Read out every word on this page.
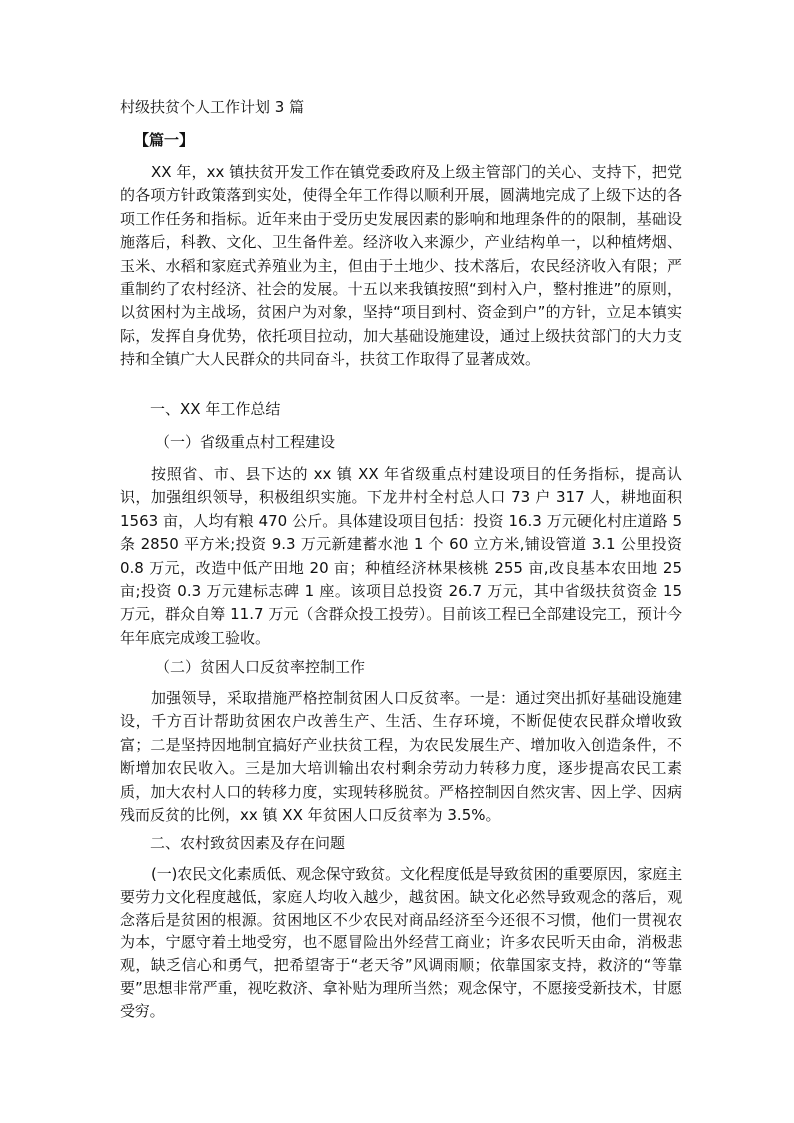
村级扶贫个人工作计划 3 篇
【篇一】

XX 年，xx 镇扶贫开发工作在镇党委政府及上级主管部门的关心、支持下，把党的各项方针政策落到实处，使得全年工作得以顺利开展，圆满地完成了上级下达的各项工作任务和指标。近年来由于受历史发展因素的影响和地理条件的的限制，基础设施落后，科教、文化、卫生备件差。经济收入来源少，产业结构单一，以种植烤烟、玉米、水稻和家庭式养殖业为主，但由于土地少、技术落后，农民经济收入有限；严重制约了农村经济、社会的发展。十五以来我镇按照“到村入户，整村推进”的原则，以贫困村为主战场，贫困户为对象，坚持“项目到村、资金到户”的方针，立足本镇实际，发挥自身优势，依托项目拉动，加大基础设施建设，通过上级扶贫部门的大力支持和全镇广大人民群众的共同奋斗，扶贫工作取得了显著成效。

一、XX 年工作总结
（一）省级重点村工程建设

按照省、市、县下达的 xx 镇 XX 年省级重点村建设项目的任务指标，提高认识，加强组织领导，积极组织实施。下龙井村全村总人口 73 户 317 人，耕地面积 1563 亩，人均有粮 470 公斤。具体建设项目包括：投资 16.3 万元硬化村庄道路 5 条 2850 平方米;投资 9.3 万元新建蓄水池 1 个 60 立方米,铺设管道 3.1 公里投资 0.8 万元，改造中低产田地 20 亩；种植经济林果核桃 255 亩,改良基本农田地 25 亩;投资 0.3 万元建标志碑 1 座。该项目总投资 26.7 万元，其中省级扶贫资金 15 万元，群众自筹 11.7 万元（含群众投工投劳）。目前该工程已全部建设完工，预计今年年底完成竣工验收。

（二）贫困人口反贫率控制工作

加强领导，采取措施严格控制贫困人口反贫率。一是：通过突出抓好基础设施建设，千方百计帮助贫困农户改善生产、生活、生存环境，不断促使农民群众增收致富；二是坚持因地制宜搞好产业扶贫工程，为农民发展生产、增加收入创造条件，不断增加农民收入。三是加大培训输出农村剩余劳动力转移力度，逐步提高农民工素质，加大农村人口的转移力度，实现转移脱贫。严格控制因自然灾害、因上学、因病残而反贫的比例，xx 镇 XX 年贫困人口反贫率为 3.5%。

二、农村致贫因素及存在问题

(一)农民文化素质低、观念保守致贫。文化程度低是导致贫困的重要原因，家庭主要劳力文化程度越低，家庭人均收入越少，越贫困。缺文化必然导致观念的落后，观念落后是贫困的根源。贫困地区不少农民对商品经济至今还很不习惯，他们一贯视农为本，宁愿守着土地受穷，也不愿冒险出外经营工商业；许多农民听天由命，消极悲观，缺乏信心和勇气，把希望寄于“老天爷”风调雨顺；依靠国家支持，救济的“等靠要”思想非常严重，视吃救济、拿补贴为理所当然；观念保守，不愿接受新技术，甘愿受穷。
